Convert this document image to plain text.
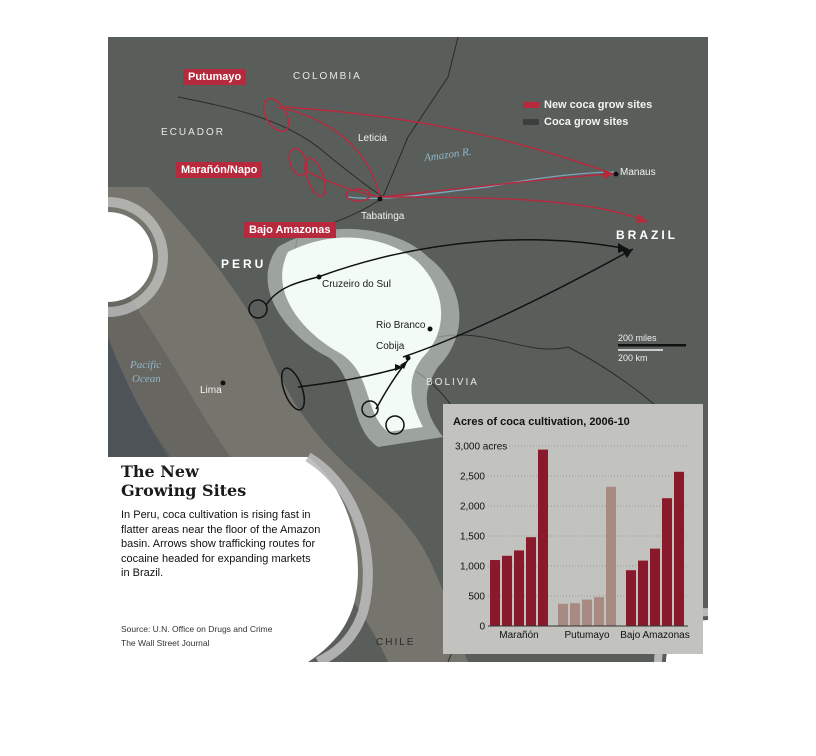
COLOMBIA
ECUADOR
PERU
BRAZIL
BOLIVIA
CHILE
Leticia
Tabatinga
Manaus
Cruzeiro do Sul
Rio Branco
Cobija
Lima
Amazon R.
Pacific
Ocean
Putumayo
Marañón/Napo
Bajo Amazonas
New coca grow sites
Coca grow sites
200 miles
200 km
The New
Growing Sites
In Peru, coca cultivation is rising fast in flatter areas near the floor of the Amazon basin. Arrows show trafficking routes for cocaine headed for expanding markets in Brazil.
Source: U.N. Office on Drugs and Crime
The Wall Street Journal
Acres of coca cultivation, 2006-10
0
500
1,000
1,500
2,000
2,500
3,000 acres
Marañón	Putumayo Bajo Amazonas
